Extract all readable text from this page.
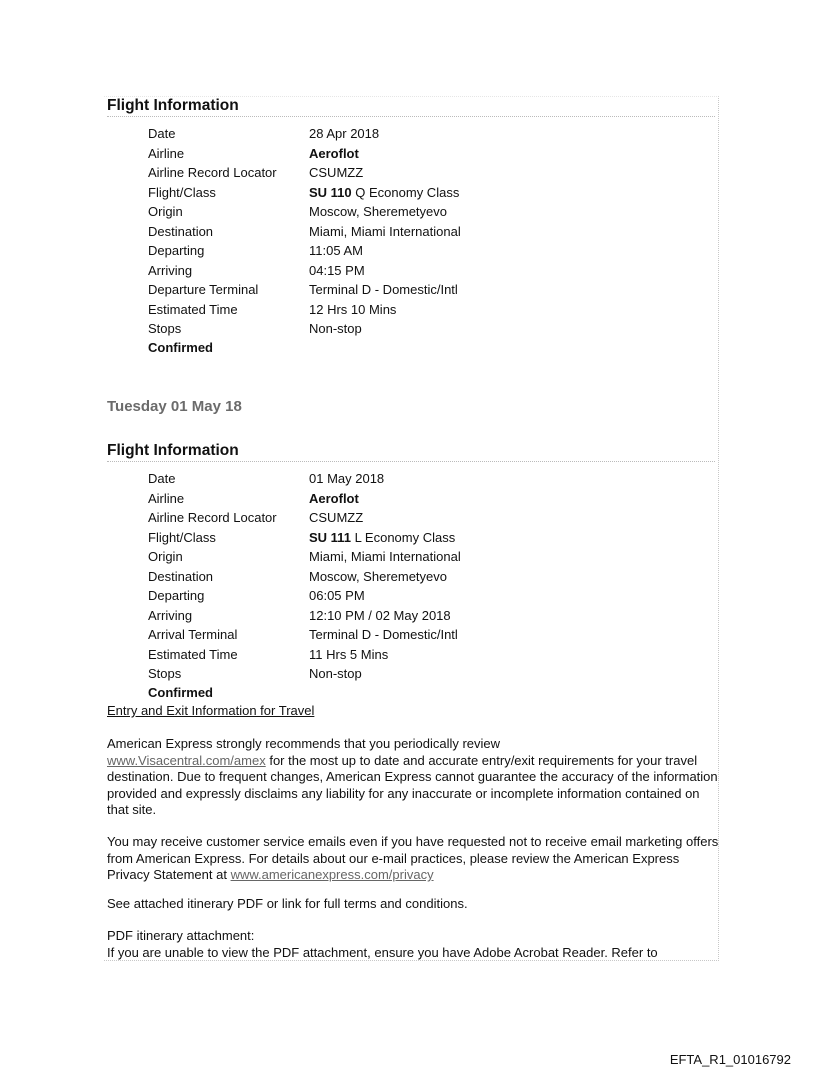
Flight Information
Date	28 Apr 2018
Airline	Aeroflot
Airline Record Locator CSUMZZ
Flight/Class	SU 110 Q Economy Class
Origin	Moscow, Sheremetyevo
Destination	Miami, Miami International
Departing	11:05 AM
Arriving	04:15 PM
Departure Terminal	Terminal D - Domestic/Intl
Estimated Time	12 Hrs 10 Mins
Stops	Non-stop
Confirmed
Tuesday 01 May 18
Flight Information
Date	01 May 2018
Airline	Aeroflot
Airline Record Locator CSUMZZ
Flight/Class	SU 111 L Economy Class
Origin	Miami, Miami International
Destination	Moscow, Sheremetyevo
Departing	06:05 PM
Arriving	12:10 PM / 02 May 2018
Arrival Terminal	Terminal D - Domestic/Intl
Estimated Time	11 Hrs 5 Mins
Stops	Non-stop
Confirmed
Entry and Exit Information for Travel

American Express strongly recommends that you periodically review
www.Visacentral.com/amex for the most up to date and accurate entry/exit requirements for your travel destination. Due to frequent changes, American Express cannot guarantee the accuracy of the information provided and expressly disclaims any liability for any inaccurate or incomplete information contained on that site.

You may receive customer service emails even if you have requested not to receive email marketing offers from American Express. For details about our e-mail practices, please review the American Express Privacy Statement at www.americanexpress.com/privacy

See attached itinerary PDF or link for full terms and conditions.

PDF itinerary attachment:
If you are unable to view the PDF attachment, ensure you have Adobe Acrobat Reader. Refer to

EFTA_R1_01016792
